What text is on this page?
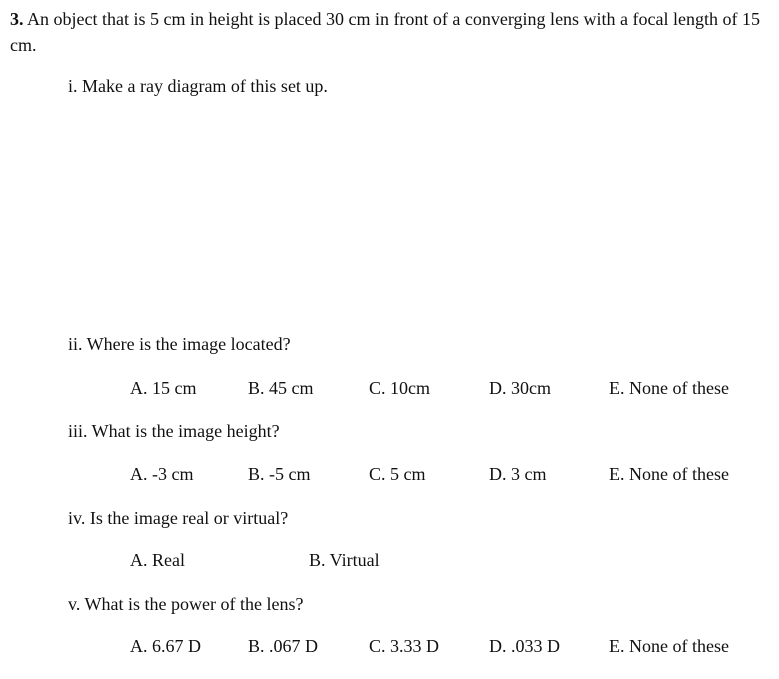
3. An object that is 5 cm in height is placed 30 cm in front of a converging lens with a focal length of 15 cm.

i. Make a ray diagram of this set up.

ii. Where is the image located?

A. 15 cm	B. 45 cm	C. 10cm	D. 30cm	E. None of these

iii. What is the image height?

A. -3 cm	B. -5 cm	C. 5 cm	D. 3 cm	E. None of these

iv. Is the image real or virtual?

A. Real	B. Virtual

v. What is the power of the lens?

A. 6.67 D	B. .067 D	C. 3.33 D	D. .033 D	E. None of these
